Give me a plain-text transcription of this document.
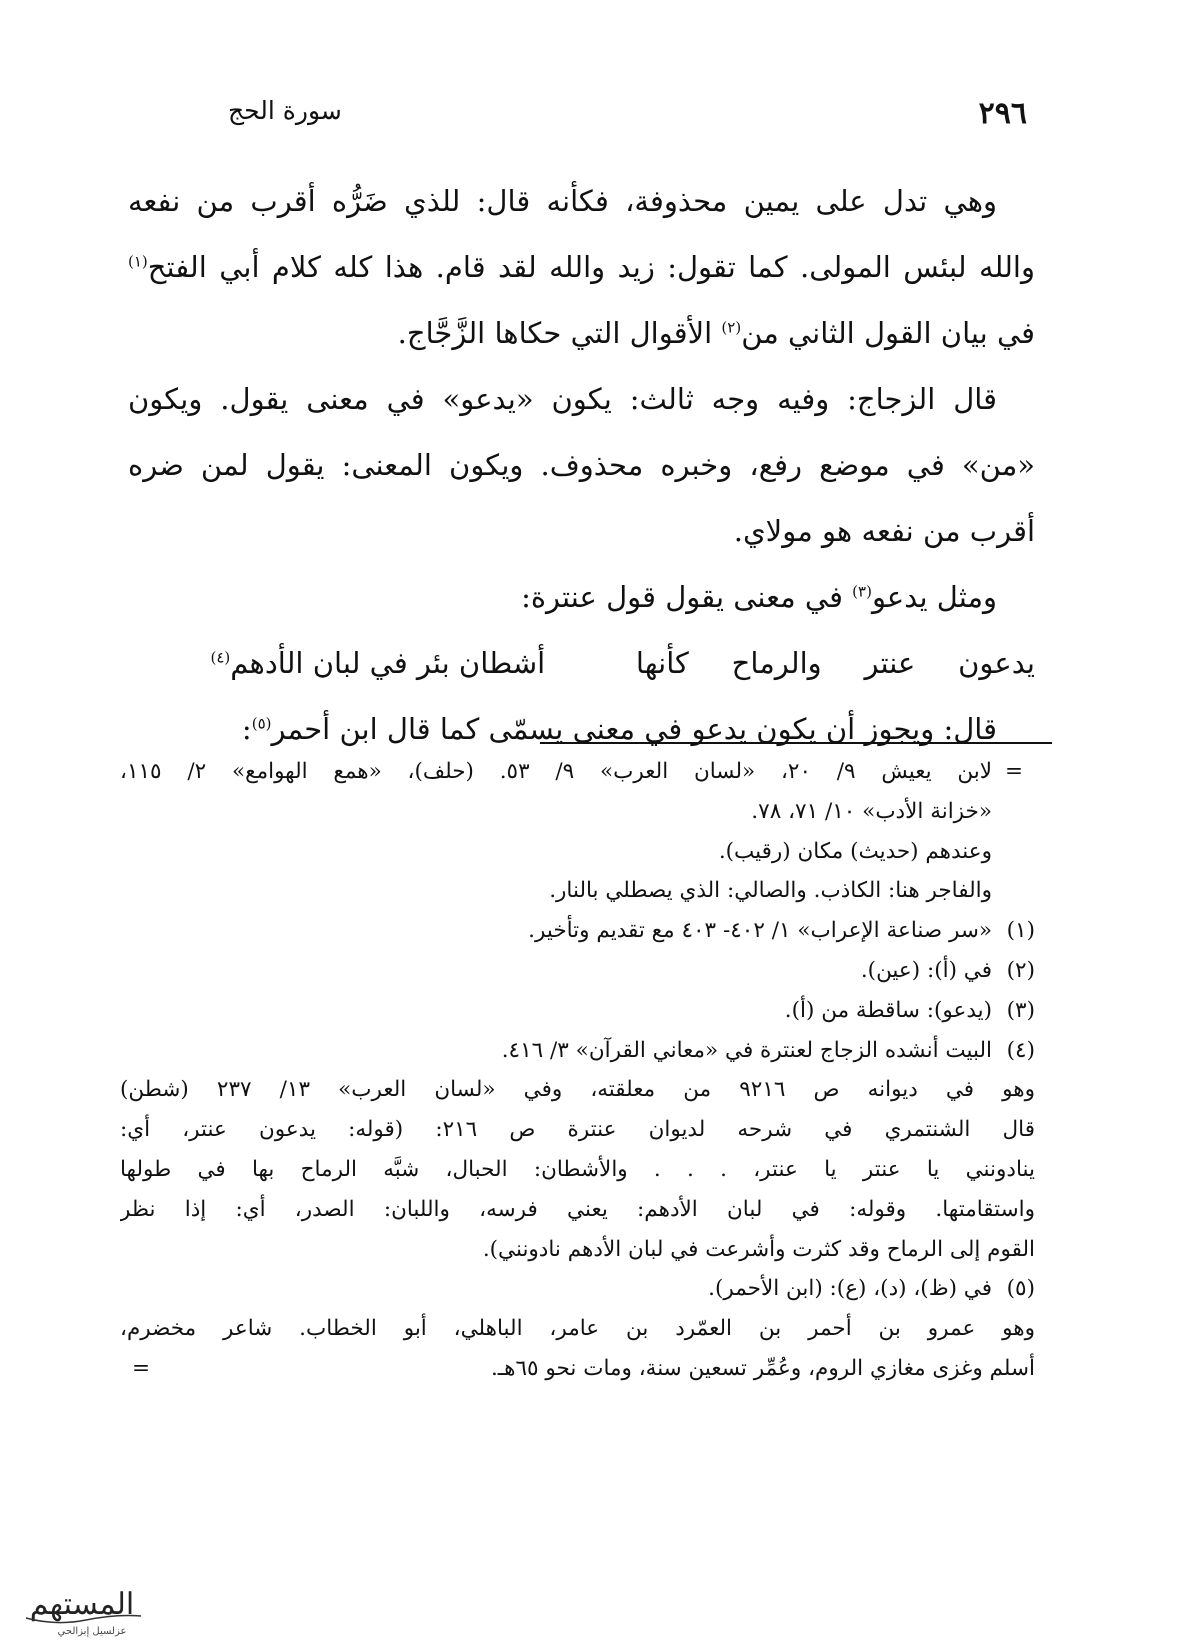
٢٩٦
سورة الحج
وهي تدل على يمين محذوفة، فكأنه قال: للذي ضَرُّه أقرب من نفعه
والله لبئس المولى. كما تقول: زيد والله لقد قام. هذا كله كلام أبي الفتح$^{(١)}$
في بيان القول الثاني من$^{(٢)}$ الأقوال التي حكاها الزَّجَّاج.
قال الزجاج: وفيه وجه ثالث: يكون «يدعو» في معنى يقول. ويكون
«من» في موضع رفع، وخبره محذوف. ويكون المعنى: يقول لمن ضره
أقرب من نفعه هو مولاي.
ومثل يدعو$^{(٣)}$ في معنى يقول قول عنترة:
يدعون عنتر والرماح كأنها
أشطان بئر في لبان الأدهم$^{(٤)}$
قال: ويجوز أن يكون يدعو في معنى يسمّى كما قال ابن أحمر$^{(٥)}$:
=
لابن يعيش ٩/ ٢٠، «لسان العرب» ٩/ ٥٣. (حلف)، «همع الهوامع» ٢/ ١١٥،
«خزانة الأدب» ١٠/ ٧١، ٧٨.
وعندهم (حديث) مكان (رقيب).
والفاجر هنا: الكاذب. والصالي: الذي يصطلي بالنار.
(١)
«سر صناعة الإعراب» ١/ ٤٠٢- ٤٠٣ مع تقديم وتأخير.
(٢)
في (أ): (عين).
(٣)
(يدعو): ساقطة من (أ).
(٤)
البيت أنشده الزجاج لعنترة في «معاني القرآن» ٣/ ٤١٦.
وهو في ديوانه ص ٩٢١٦ من معلقته، وفي «لسان العرب» ١٣/ ٢٣٧ (شطن)
قال الشنتمري في شرحه لديوان عنترة ص ٢١٦: (قوله: يدعون عنتر، أي:
ينادونني يا عنتر يا عنتر، . . . والأشطان: الحبال، شبَّه الرماح بها في طولها
واستقامتها. وقوله: في لبان الأدهم: يعني فرسه، واللبان: الصدر، أي: إذا نظر
القوم إلى الرماح وقد كثرت وأشرعت في لبان الأدهم نادونني).
(٥)
في (ظ)، (د)، (ع): (ابن الأحمر).
وهو عمرو بن أحمر بن العمّرد بن عامر، الباهلي، أبو الخطاب. شاعر مخضرم،
أسلم وغزى مغازي الروم، وعُمِّر تسعين سنة، ومات نحو ٦٥هـ.
=
المستهم
عزلسيل إبزالحي
